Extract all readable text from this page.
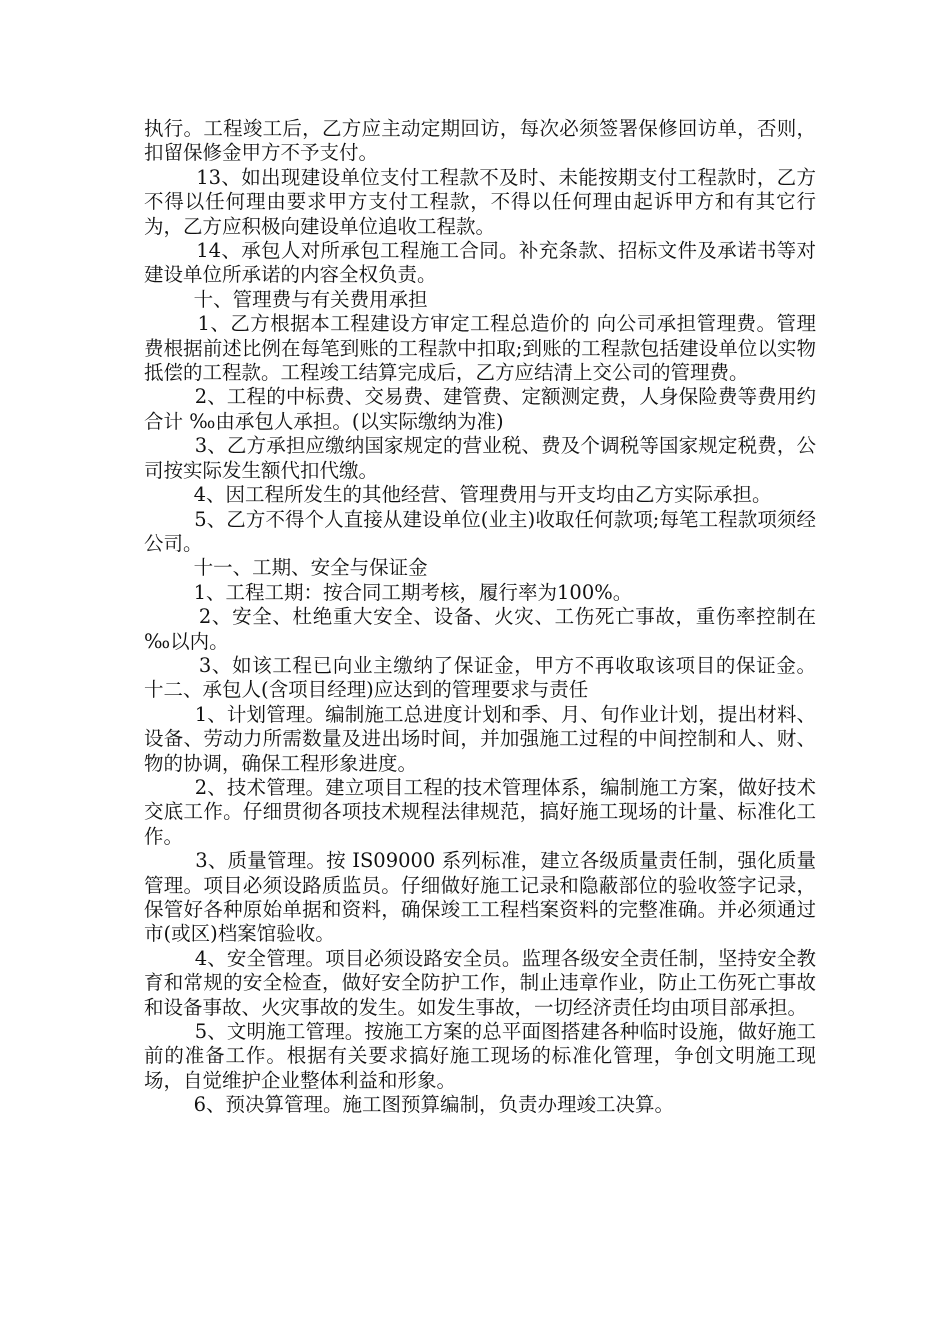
执行。工程竣工后，乙方应主动定期回访，每次必须签署保修回访单，否则，扣留保修金甲方不予支付。

13、如出现建设单位支付工程款不及时、未能按期支付工程款时，乙方不得以任何理由要求甲方支付工程款，不得以任何理由起诉甲方和有其它行为，乙方应积极向建设单位追收工程款。

14、承包人对所承包工程施工合同。补充条款、招标文件及承诺书等对建设单位所承诺的内容全权负责。

十、管理费与有关费用承担

1、乙方根据本工程建设方审定工程总造价的 向公司承担管理费。管理费根据前述比例在每笔到账的工程款中扣取;到账的工程款包括建设单位以实物抵偿的工程款。工程竣工结算完成后，乙方应结清上交公司的管理费。

2、工程的中标费、交易费、建管费、定额测定费，人身保险费等费用约合计 ‰由承包人承担。(以实际缴纳为准)

3、乙方承担应缴纳国家规定的营业税、费及个调税等国家规定税费，公司按实际发生额代扣代缴。

4、因工程所发生的其他经营、管理费用与开支均由乙方实际承担。

5、乙方不得个人直接从建设单位(业主)收取任何款项;每笔工程款项须经公司。

十一、工期、安全与保证金

1、工程工期：按合同工期考核，履行率为100%。

2、安全、杜绝重大安全、设备、火灾、工伤死亡事故，重伤率控制在 ‰以内。

3、如该工程已向业主缴纳了保证金，甲方不再收取该项目的保证金。  十二、承包人(含项目经理)应达到的管理要求与责任

1、计划管理。编制施工总进度计划和季、月、旬作业计划，提出材料、设备、劳动力所需数量及进出场时间，并加强施工过程的中间控制和人、财、物的协调，确保工程形象进度。

2、技术管理。建立项目工程的技术管理体系，编制施工方案，做好技术交底工作。仔细贯彻各项技术规程法律规范，搞好施工现场的计量、标准化工作。

3、质量管理。按 IS09000 系列标准，建立各级质量责任制，强化质量管理。项目必须设路质监员。仔细做好施工记录和隐蔽部位的验收签字记录，保管好各种原始单据和资料，确保竣工工程档案资料的完整准确。并必须通过市(或区)档案馆验收。

4、安全管理。项目必须设路安全员。监理各级安全责任制，坚持安全教育和常规的安全检查，做好安全防护工作，制止违章作业，防止工伤死亡事故和设备事故、火灾事故的发生。如发生事故，一切经济责任均由项目部承担。

5、文明施工管理。按施工方案的总平面图搭建各种临时设施，做好施工前的准备工作。根据有关要求搞好施工现场的标准化管理，争创文明施工现场，自觉维护企业整体利益和形象。

6、预决算管理。施工图预算编制，负责办理竣工决算。
